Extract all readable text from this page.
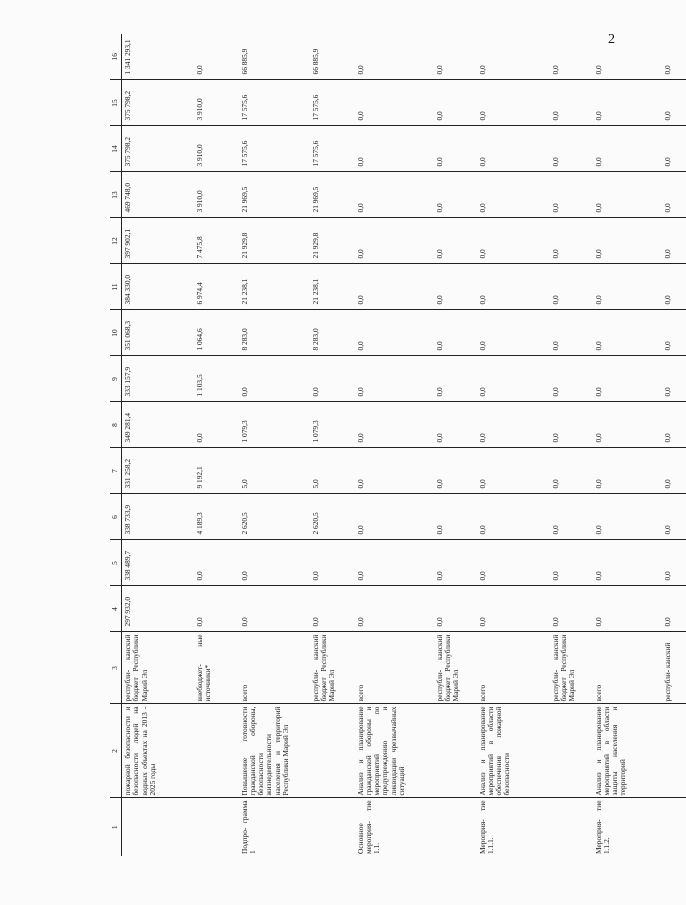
2
1	2	3	4	5	6	7	8	9	10	11	12	13	14	15	16
	пожарной безопасности и безопасности людей на водных объектах на 2013 - 2025 годы	республи- канский бюджет Республики Марий Эл	297 932,0	338 489,7	338 733,9	331 258,2	349 281,4	333 157,9	351 068,3	384 330,0	397 902,1	469 748,0	375 798,2	375 798,2	1 341 293,1
		внебюджет- ные источники*	0,0	0,0	4 189,3	9 192,1	0,0	1 103,5	1 064,6	6 974,4	7 475,8	3 910,0	3 910,0	3 910,0	0,0
Подпро- грамма 1	Повышение готовности гражданской обороны, безопасности жизнедеятельности населения и территорий Республики Марий Эл	всего	0,0	0,0	2 620,5	5,0	1 079,3	0,0	8 283,0	21 238,1	21 929,8	21 969,5	17 575,6	17 575,6	66 885,9
		республи- канский бюджет Республики Марий Эл	0,0	0,0	2 620,5	5,0	1 079,3	0,0	8 283,0	21 238,1	21 929,8	21 969,5	17 575,6	17 575,6	66 885,9
Основное мероприя- тие 1.1.	Анализ и планирование гражданской обороны и мероприятий по предупреждению и ликвидации чрезвычайных ситуаций	всего	0,0	0,0	0,0	0,0	0,0	0,0	0,0	0,0	0,0	0,0	0,0	0,0	0,0
		республи- канский бюджет Республики Марий Эл	0,0	0,0	0,0	0,0	0,0	0,0	0,0	0,0	0,0	0,0	0,0	0,0	0,0
Мероприя- тие 1.1.1.	Анализ и планирование мероприятий в области обеспечения пожарной безопасности	всего	0,0	0,0	0,0	0,0	0,0	0,0	0,0	0,0	0,0	0,0	0,0	0,0	0,0
		республи- канский бюджет Республики Марий Эл	0,0	0,0	0,0	0,0	0,0	0,0	0,0	0,0	0,0	0,0	0,0	0,0	0,0
Мероприя- тие 1.1.2.	Анализ и планирование мероприятий в области защиты населения и территорий	всего	0,0	0,0	0,0	0,0	0,0	0,0	0,0	0,0	0,0	0,0	0,0	0,0	0,0
		республи- канский	0,0	0,0	0,0	0,0	0,0	0,0	0,0	0,0	0,0	0,0	0,0	0,0	0,0
